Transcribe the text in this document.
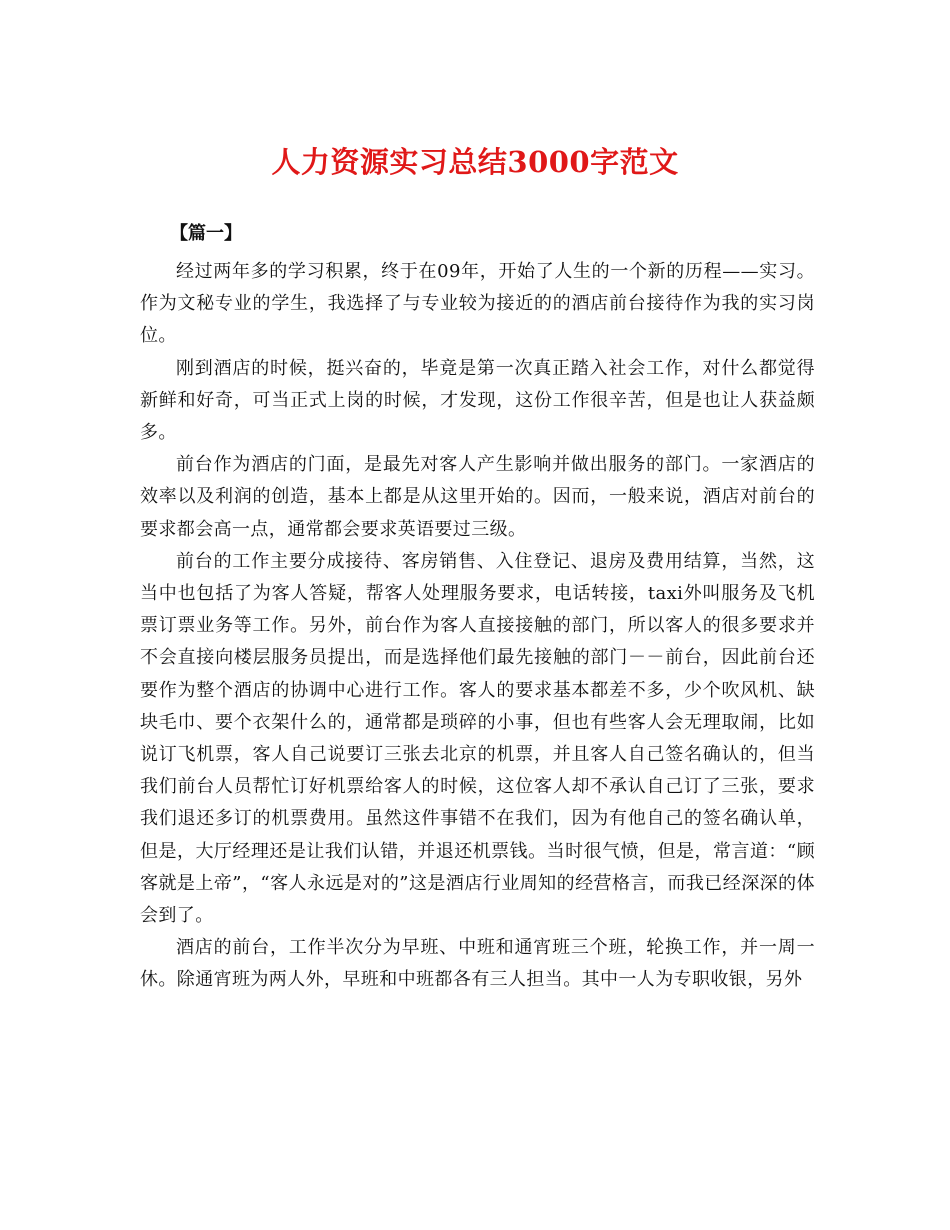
人力资源实习总结3000字范文
【篇一】

经过两年多的学习积累，终于在09年，开始了人生的一个新的历程——实习。作为文秘专业的学生，我选择了与专业较为接近的的酒店前台接待作为我的实习岗位。

刚到酒店的时候，挺兴奋的，毕竟是第一次真正踏入社会工作，对什么都觉得新鲜和好奇，可当正式上岗的时候，才发现，这份工作很辛苦，但是也让人获益颇多。

前台作为酒店的门面，是最先对客人产生影响并做出服务的部门。一家酒店的效率以及利润的创造，基本上都是从这里开始的。因而，一般来说，酒店对前台的要求都会高一点，通常都会要求英语要过三级。

前台的工作主要分成接待、客房销售、入住登记、退房及费用结算，当然，这当中也包括了为客人答疑，帮客人处理服务要求，电话转接，taxi外叫服务及飞机票订票业务等工作。另外，前台作为客人直接接触的部门，所以客人的很多要求并不会直接向楼层服务员提出，而是选择他们最先接触的部门－－前台，因此前台还要作为整个酒店的协调中心进行工作。客人的要求基本都差不多，少个吹风机、缺块毛巾、要个衣架什么的，通常都是琐碎的小事，但也有些客人会无理取闹，比如说订飞机票，客人自己说要订三张去北京的机票，并且客人自己签名确认的，但当我们前台人员帮忙订好机票给客人的时候，这位客人却不承认自己订了三张，要求我们退还多订的机票费用。虽然这件事错不在我们，因为有他自己的签名确认单，但是，大厅经理还是让我们认错，并退还机票钱。当时很气愤，但是，常言道：“顾客就是上帝”，“客人永远是对的”这是酒店行业周知的经营格言，而我已经深深的体会到了。

酒店的前台，工作半次分为早班、中班和通宵班三个班，轮换工作，并一周一休。除通宵班为两人外，早班和中班都各有三人担当。其中一人为专职收银，另外
